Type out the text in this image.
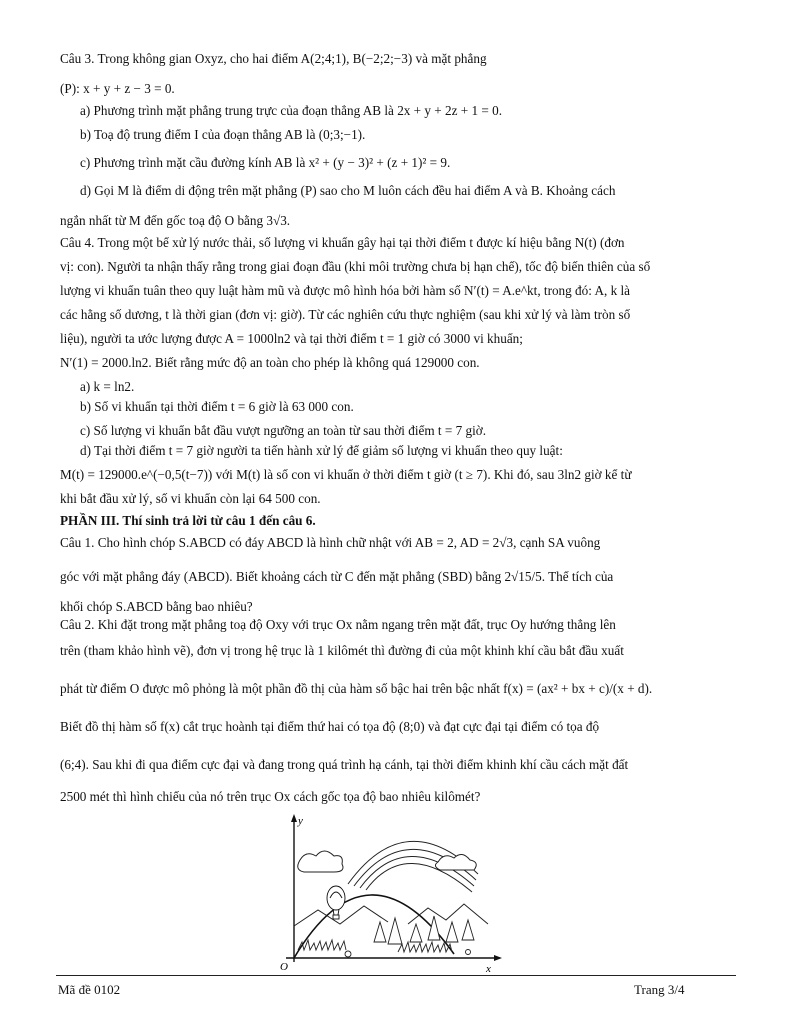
Câu 3. Trong không gian Oxyz, cho hai điểm A(2;4;1), B(−2;2;−3) và mặt phẳng
(P): x + y + z − 3 = 0.
a) Phương trình mặt phẳng trung trực của đoạn thẳng AB là 2x + y + 2z + 1 = 0.
b) Toạ độ trung điểm I của đoạn thẳng AB là (0;3;−1).
c) Phương trình mặt cầu đường kính AB là x² + (y − 3)² + (z + 1)² = 9.
d) Gọi M là điểm di động trên mặt phẳng (P) sao cho M luôn cách đều hai điểm A và B. Khoảng cách
ngắn nhất từ M đến gốc toạ độ O bằng 3√3.
Câu 4. Trong một bể xử lý nước thải, số lượng vi khuẩn gây hại tại thời điểm t được kí hiệu bằng N(t) (đơn
vị: con). Người ta nhận thấy rằng trong giai đoạn đầu (khi môi trường chưa bị hạn chế), tốc độ biến thiên của số
lượng vi khuẩn tuân theo quy luật hàm mũ và được mô hình hóa bởi hàm số N′(t) = A.e^kt, trong đó: A, k là
các hằng số dương, t là thời gian (đơn vị: giờ). Từ các nghiên cứu thực nghiệm (sau khi xử lý và làm tròn số
liệu), người ta ước lượng được A = 1000ln2 và tại thời điểm t = 1 giờ có 3000 vi khuẩn;
N′(1) = 2000.ln2. Biết rằng mức độ an toàn cho phép là không quá 129000 con.
a) k = ln2.
b) Số vi khuẩn tại thời điểm t = 6 giờ là 63 000 con.
c) Số lượng vi khuẩn bắt đầu vượt ngưỡng an toàn từ sau thời điểm t = 7 giờ.
d) Tại thời điểm t = 7 giờ người ta tiến hành xử lý để giảm số lượng vi khuẩn theo quy luật:
M(t) = 129000.e^(−0,5(t−7)) với M(t) là số con vi khuẩn ở thời điểm t giờ (t ≥ 7). Khi đó, sau 3ln2 giờ kể từ
khi bắt đầu xử lý, số vi khuẩn còn lại 64 500 con.
PHẦN III. Thí sinh trả lời từ câu 1 đến câu 6.
Câu 1. Cho hình chóp S.ABCD có đáy ABCD là hình chữ nhật với AB = 2, AD = 2√3, cạnh SA vuông
góc với mặt phẳng đáy (ABCD). Biết khoảng cách từ C đến mặt phẳng (SBD) bằng 2√15/5. Thể tích của
khối chóp S.ABCD bằng bao nhiêu?
Câu 2. Khi đặt trong mặt phẳng toạ độ Oxy với trục Ox nằm ngang trên mặt đất, trục Oy hướng thẳng lên
trên (tham khảo hình vẽ), đơn vị trong hệ trục là 1 kilômét thì đường đi của một khinh khí cầu bắt đầu xuất
phát từ điểm O được mô phỏng là một phần đồ thị của hàm số bậc hai trên bậc nhất f(x) = (ax² + bx + c)/(x + d).
Biết đồ thị hàm số f(x) cắt trục hoành tại điểm thứ hai có tọa độ (8;0) và đạt cực đại tại điểm có tọa độ
(6;4). Sau khi đi qua điểm cực đại và đang trong quá trình hạ cánh, tại thời điểm khinh khí cầu cách mặt đất
2500 mét thì hình chiếu của nó trên trục Ox cách gốc tọa độ bao nhiêu kilômét?
y
x
O
Mã đề 0102	Trang 3/4
